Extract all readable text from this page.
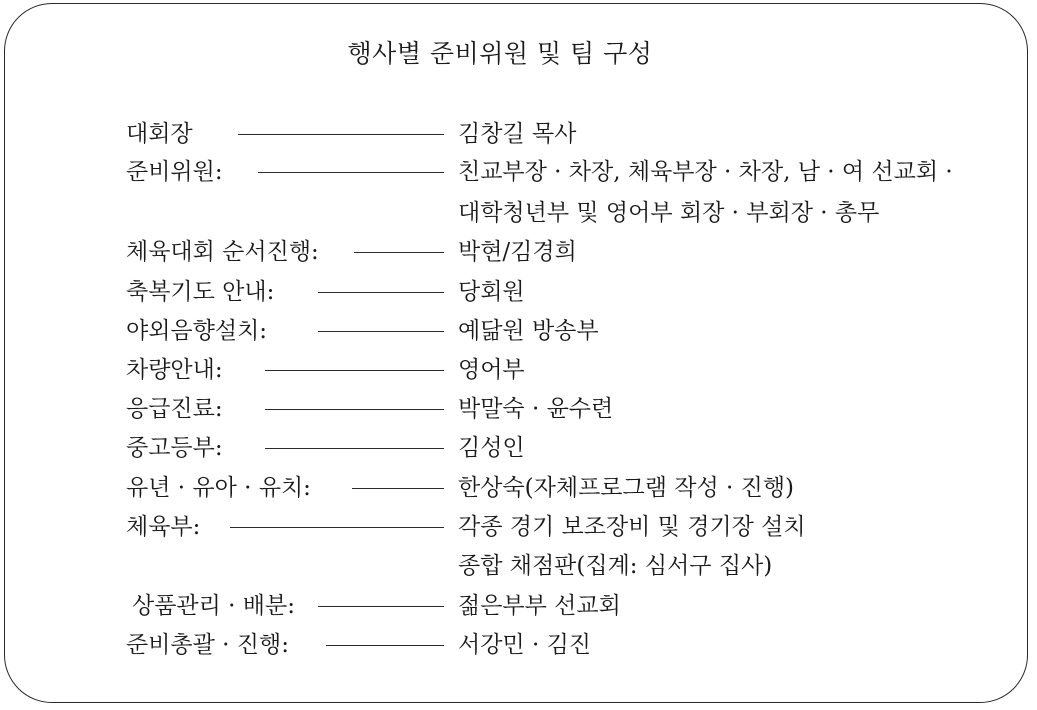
행사별 준비위원 및 팀 구성
대회장	김창길 목사
준비위원:	친교부장 · 차장, 체육부장 · 차장, 남 · 여 선교회 ·
대학청년부 및 영어부 회장 · 부회장 · 총무
체육대회 순서진행:	박현/김경희
축복기도 안내:	당회원
야외음향설치:	예닮원 방송부
차량안내:	영어부
응급진료:	박말숙 · 윤수련
중고등부:	김성인
유년 · 유아 · 유치:	한상숙(자체프로그램 작성 · 진행)
체육부:	각종 경기 보조장비 및 경기장 설치
종합 채점판(집계: 심서구 집사)
상품관리 · 배분:	젊은부부 선교회
준비총괄 · 진행:	서강민 · 김진
